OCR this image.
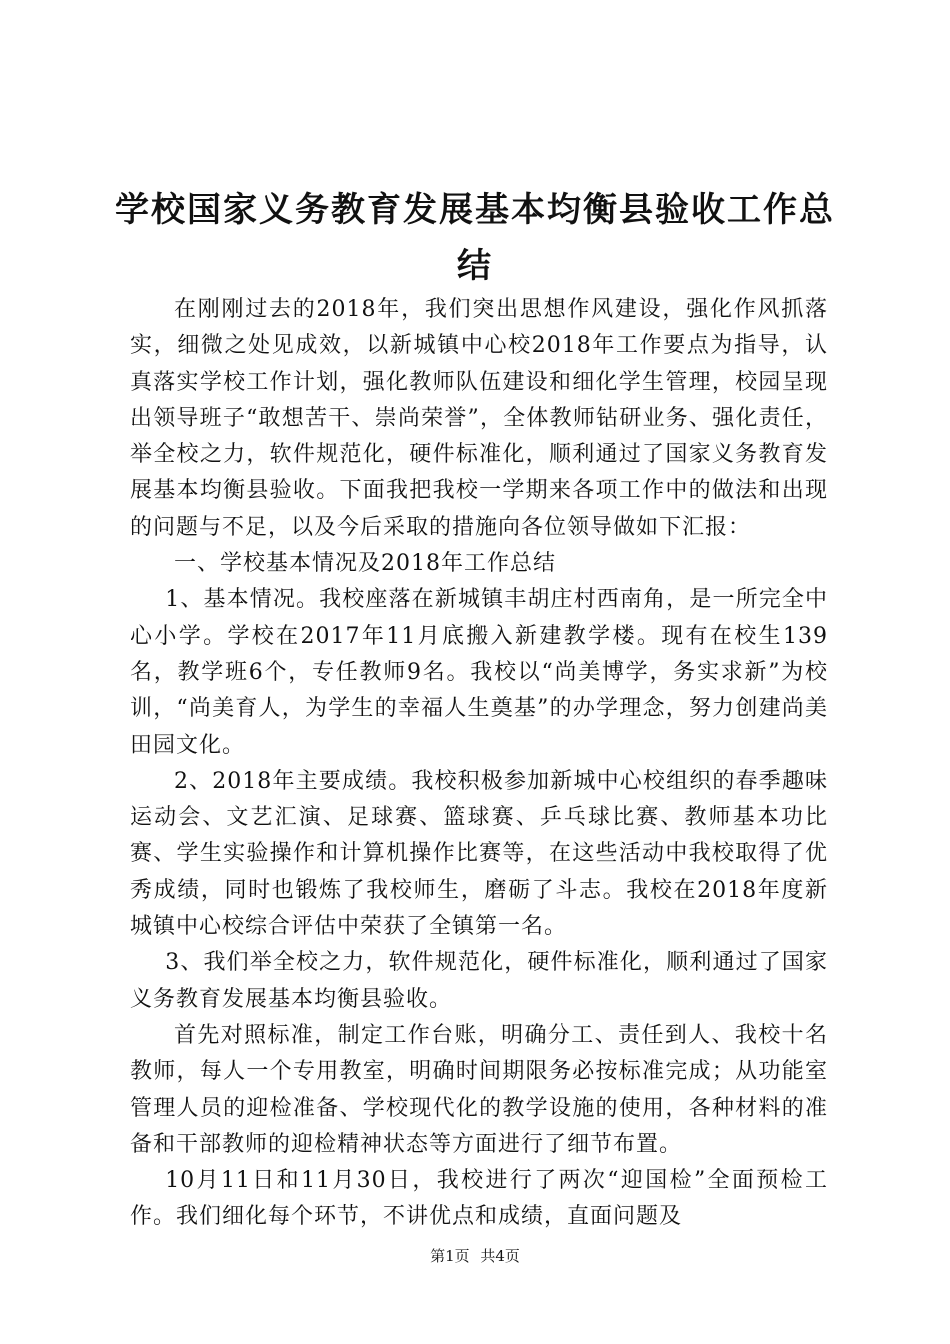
学校国家义务教育发展基本均衡县验收工作总结

在刚刚过去的2018年，我们突出思想作风建设，强化作风抓落实，细微之处见成效，以新城镇中心校2018年工作要点为指导，认真落实学校工作计划，强化教师队伍建设和细化学生管理，校园呈现出领导班子“敢想苦干、崇尚荣誉”，全体教师钻研业务、强化责任，举全校之力，软件规范化，硬件标准化，顺利通过了国家义务教育发展基本均衡县验收。下面我把我校一学期来各项工作中的做法和出现的问题与不足，以及今后采取的措施向各位领导做如下汇报：

一、学校基本情况及2018年工作总结

1、基本情况。我校座落在新城镇丰胡庄村西南角，是一所完全中心小学。学校在2017年11月底搬入新建教学楼。现有在校生139名，教学班6个，专任教师9名。我校以“尚美博学，务实求新”为校训，“尚美育人，为学生的幸福人生奠基”的办学理念，努力创建尚美田园文化。

2、2018年主要成绩。我校积极参加新城中心校组织的春季趣味运动会、文艺汇演、足球赛、篮球赛、乒乓球比赛、教师基本功比赛、学生实验操作和计算机操作比赛等，在这些活动中我校取得了优秀成绩，同时也锻炼了我校师生，磨砺了斗志。我校在2018年度新城镇中心校综合评估中荣获了全镇第一名。

3、我们举全校之力，软件规范化，硬件标准化，顺利通过了国家义务教育发展基本均衡县验收。

首先对照标准，制定工作台账，明确分工、责任到人、我校十名教师，每人一个专用教室，明确时间期限务必按标准完成；从功能室管理人员的迎检准备、学校现代化的教学设施的使用，各种材料的准备和干部教师的迎检精神状态等方面进行了细节布置。

10月11日和11月30日，我校进行了两次“迎国检”全面预检工作。我们细化每个环节，不讲优点和成绩，直面问题及

第1页 共4页
